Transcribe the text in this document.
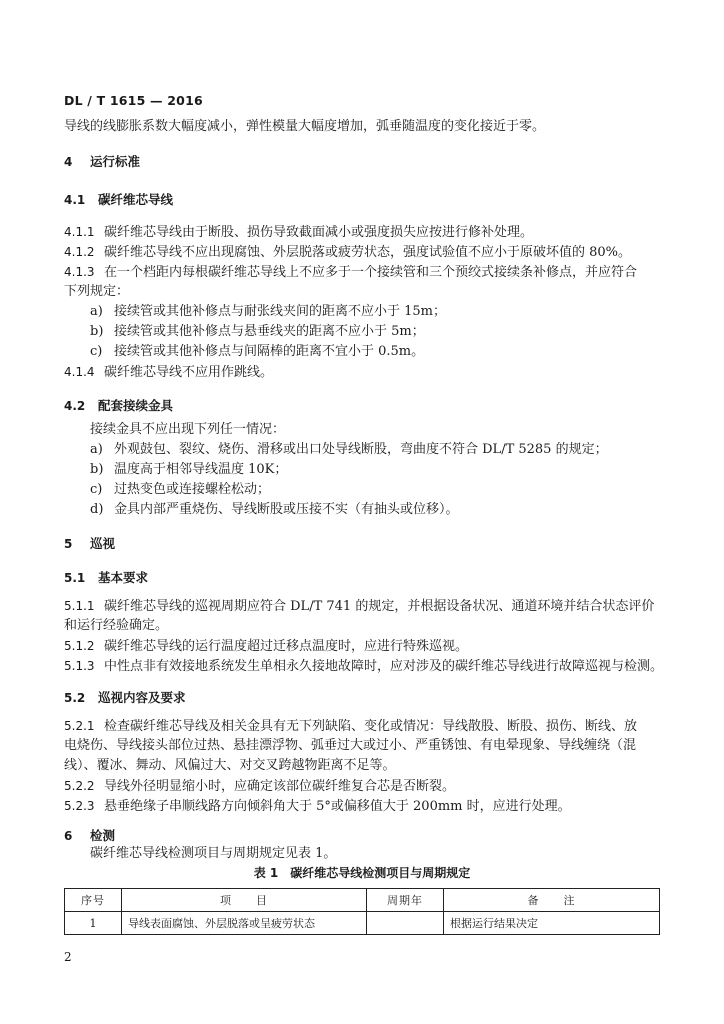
DL / T 1615 — 2016
导线的线膨胀系数大幅度减小，弹性模量大幅度增加，弧垂随温度的变化接近于零。
4 运行标准
4.1 碳纤维芯导线
4.1.1 碳纤维芯导线由于断股、损伤导致截面减小或强度损失应按进行修补处理。
4.1.2 碳纤维芯导线不应出现腐蚀、外层脱落或疲劳状态，强度试验值不应小于原破坏值的 80%。
4.1.3 在一个档距内每根碳纤维芯导线上不应多于一个接续管和三个预绞式接续条补修点，并应符合
下列规定：
a) 接续管或其他补修点与耐张线夹间的距离不应小于 15m；
b) 接续管或其他补修点与悬垂线夹的距离不应小于 5m；
c) 接续管或其他补修点与间隔棒的距离不宜小于 0.5m。
4.1.4 碳纤维芯导线不应用作跳线。
4.2 配套接续金具
接续金具不应出现下列任一情况：
a) 外观鼓包、裂纹、烧伤、滑移或出口处导线断股，弯曲度不符合 DL/T 5285 的规定；
b) 温度高于相邻导线温度 10K；
c) 过热变色或连接螺栓松动；
d) 金具内部严重烧伤、导线断股或压接不实（有抽头或位移）。
5 巡视
5.1 基本要求
5.1.1 碳纤维芯导线的巡视周期应符合 DL/T 741 的规定，并根据设备状况、通道环境并结合状态评价
和运行经验确定。
5.1.2 碳纤维芯导线的运行温度超过迁移点温度时，应进行特殊巡视。
5.1.3 中性点非有效接地系统发生单相永久接地故障时，应对涉及的碳纤维芯导线进行故障巡视与检测。
5.2 巡视内容及要求
5.2.1 检查碳纤维芯导线及相关金具有无下列缺陷、变化或情况：导线散股、断股、损伤、断线、放
电烧伤、导线接头部位过热、悬挂漂浮物、弧垂过大或过小、严重锈蚀、有电晕现象、导线缠绕（混
线）、覆冰、舞动、风偏过大、对交叉跨越物距离不足等。
5.2.2 导线外径明显缩小时，应确定该部位碳纤维复合芯是否断裂。
5.2.3 悬垂绝缘子串顺线路方向倾斜角大于 5°或偏移值大于 200mm 时，应进行处理。
6 检测
碳纤维芯导线检测项目与周期规定见表 1。
表 1　碳纤维芯导线检测项目与周期规定
序号	项　　目	周期年	备　　注
1	导线表面腐蚀、外层脱落或呈疲劳状态		根据运行结果决定
2
